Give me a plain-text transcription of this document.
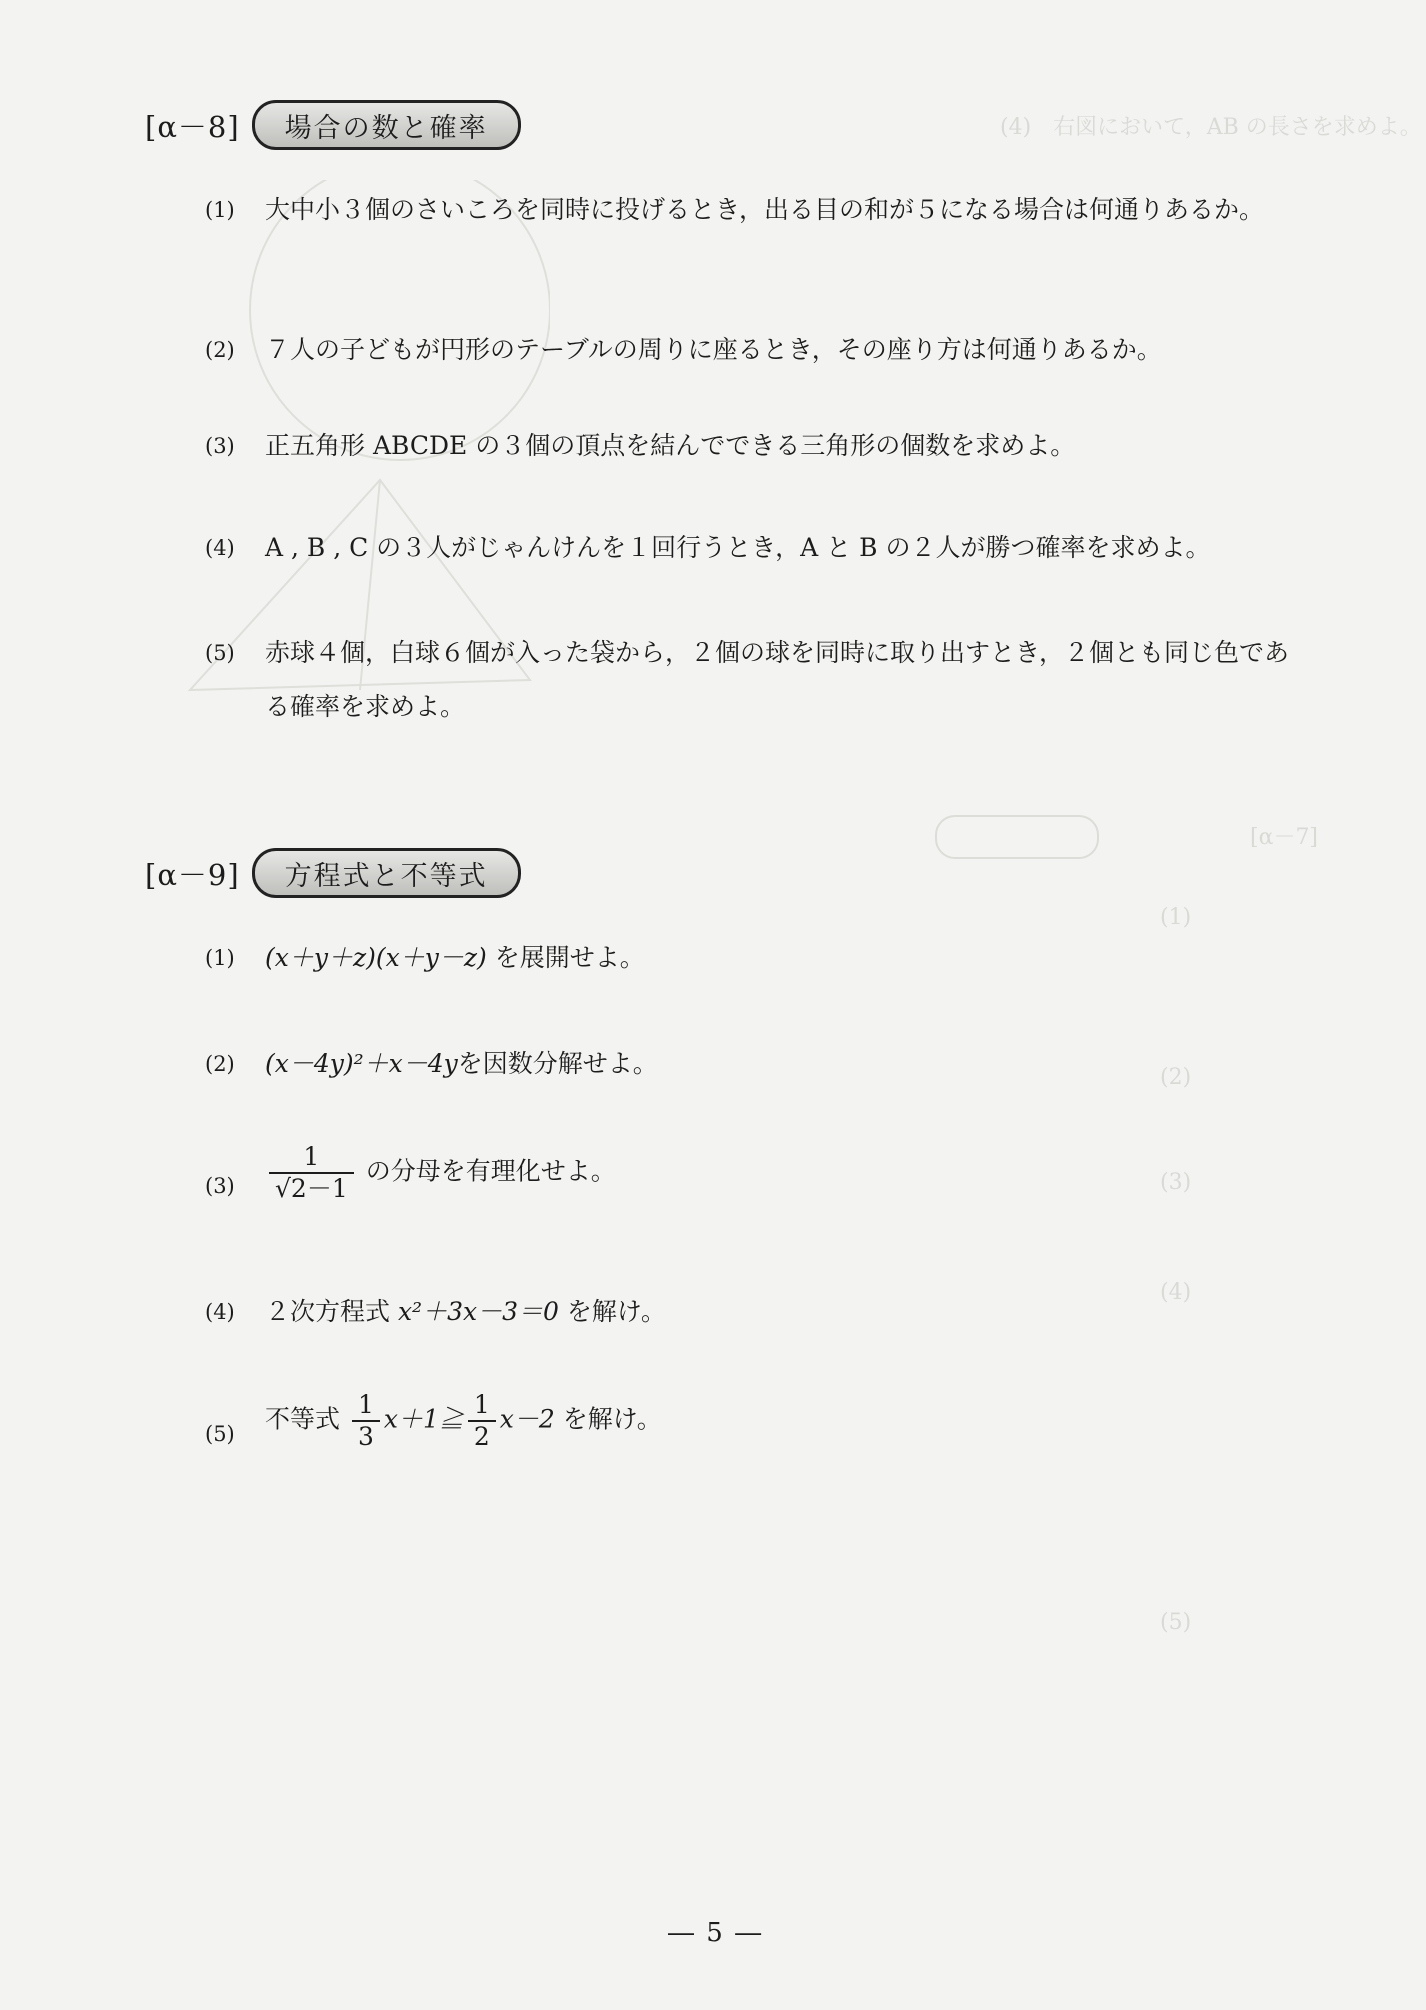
(4)　右図において，AB の長さを求めよ。
[α－7]
(1)
(2)
(3)
(4)
(5)
[α－8]	場合の数と確率
(1) 大中小３個のさいころを同時に投げるとき，出る目の和が５になる場合は何通りあるか。
(2) ７人の子どもが円形のテーブルの周りに座るとき，その座り方は何通りあるか。
(3) 正五角形 ABCDE の３個の頂点を結んでできる三角形の個数を求めよ。
(4) A , B , C の３人がじゃんけんを１回行うとき，A と B の２人が勝つ確率を求めよ。
(5) 赤球４個，白球６個が入った袋から，２個の球を同時に取り出すとき，２個とも同じ色である確率を求めよ。
[α－9]	方程式と不等式
(1) (x＋y＋z)(x＋y－z) を展開せよ。
(2) (x－4y)²＋x－4yを因数分解せよ。
$(3) \frac{1}{√2-1}$ の分母を有理化せよ。
(4) ２次方程式 x²＋3x－3＝0 を解け。
(5)
不等式 $\frac{1}{3}$ x＋1≧ $\frac{1}{2} x-2$ を解け。
― 5 ―
